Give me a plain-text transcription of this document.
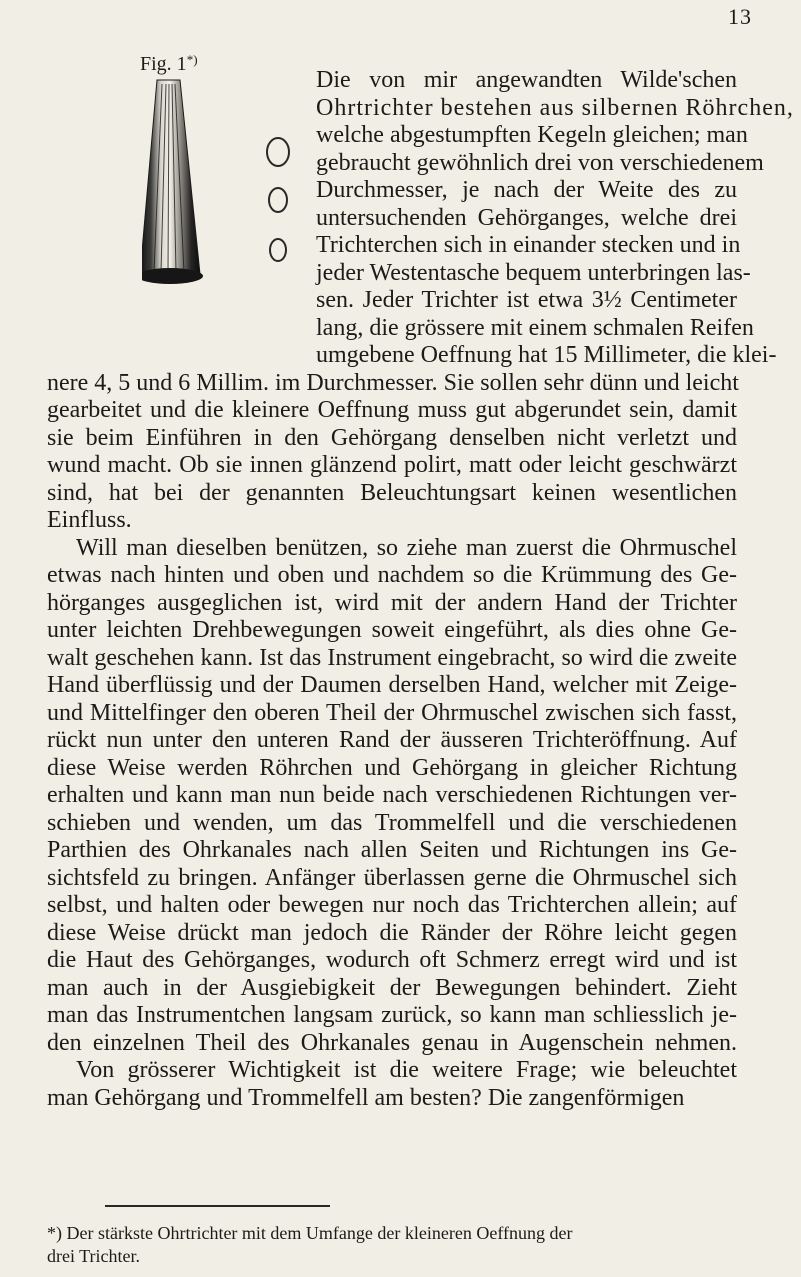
13
Fig. 1*)
Die von mir angewandten Wilde'schen
Ohrtrichter bestehen aus silbernen Röhrchen,
welche abgestumpften Kegeln gleichen; man
gebraucht gewöhnlich drei von verschiedenem
Durchmesser, je nach der Weite des zu
untersuchenden Gehörganges, welche drei
Trichterchen sich in einander stecken und in
jeder Westentasche bequem unterbringen las-
sen. Jeder Trichter ist etwa 3½ Centimeter
lang, die grössere mit einem schmalen Reifen
umgebene Oeffnung hat 15 Millimeter, die klei-
nere 4, 5 und 6 Millim. im Durchmesser. Sie sollen sehr dünn und leicht
gearbeitet und die kleinere Oeffnung muss gut abgerundet sein, damit
sie beim Einführen in den Gehörgang denselben nicht verletzt und
wund macht. Ob sie innen glänzend polirt, matt oder leicht geschwärzt
sind, hat bei der genannten Beleuchtungsart keinen wesentlichen
Einfluss.
Will man dieselben benützen, so ziehe man zuerst die Ohrmuschel
etwas nach hinten und oben und nachdem so die Krümmung des Ge-
hörganges ausgeglichen ist, wird mit der andern Hand der Trichter
unter leichten Drehbewegungen soweit eingeführt, als dies ohne Ge-
walt geschehen kann. Ist das Instrument eingebracht, so wird die zweite
Hand überflüssig und der Daumen derselben Hand, welcher mit Zeige-
und Mittelfinger den oberen Theil der Ohrmuschel zwischen sich fasst,
rückt nun unter den unteren Rand der äusseren Trichteröffnung. Auf
diese Weise werden Röhrchen und Gehörgang in gleicher Richtung
erhalten und kann man nun beide nach verschiedenen Richtungen ver-
schieben und wenden, um das Trommelfell und die verschiedenen
Parthien des Ohrkanales nach allen Seiten und Richtungen ins Ge-
sichtsfeld zu bringen. Anfänger überlassen gerne die Ohrmuschel sich
selbst, und halten oder bewegen nur noch das Trichterchen allein; auf
diese Weise drückt man jedoch die Ränder der Röhre leicht gegen
die Haut des Gehörganges, wodurch oft Schmerz erregt wird und ist
man auch in der Ausgiebigkeit der Bewegungen behindert. Zieht
man das Instrumentchen langsam zurück, so kann man schliesslich je-
den einzelnen Theil des Ohrkanales genau in Augenschein nehmen.
Von grösserer Wichtigkeit ist die weitere Frage; wie beleuchtet
man Gehörgang und Trommelfell am besten? Die zangenförmigen
*) Der stärkste Ohrtrichter mit dem Umfange der kleineren Oeffnung der
drei Trichter.
